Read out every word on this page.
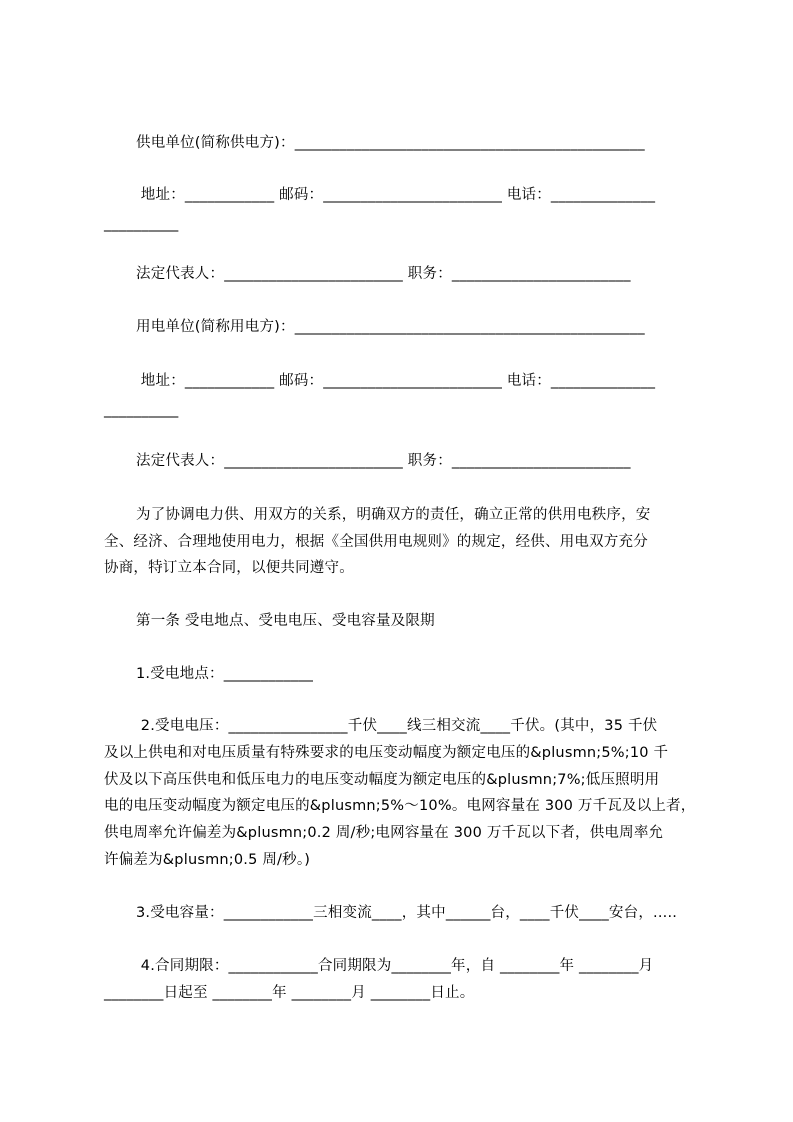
供电单位(简称供电方)：_______________________________________________
地址：____________ 邮码：________________________ 电话：______________
__________
法定代表人：________________________ 职务：________________________
用电单位(简称用电方)：_______________________________________________
地址：____________ 邮码：________________________ 电话：______________
__________
法定代表人：________________________ 职务：________________________
为了协调电力供、用双方的关系，明确双方的责任，确立正常的供用电秩序，安
全、经济、合理地使用电力，根据《全国供用电规则》的规定，经供、用电双方充分
协商，特订立本合同，以便共同遵守。
第一条 受电地点、受电电压、受电容量及限期
1.受电地点：____________
2.受电电压：________________千伏____线三相交流____千伏。(其中，35 千伏
及以上供电和对电压质量有特殊要求的电压变动幅度为额定电压的&plusmn;5%;10 千
伏及以下高压供电和低压电力的电压变动幅度为额定电压的&plusmn;7%;低压照明用
电的电压变动幅度为额定电压的&plusmn;5%～10%。电网容量在 300 万千瓦及以上者，
供电周率允许偏差为&plusmn;0.2 周/秒;电网容量在 300 万千瓦以下者，供电周率允
许偏差为&plusmn;0.5 周/秒。)
3.受电容量：____________三相变流____，其中______台，____千伏____安台，.....
4.合同期限：____________合同期限为________年，自 ________年 ________月
________日起至 ________年 ________月 ________日止。
